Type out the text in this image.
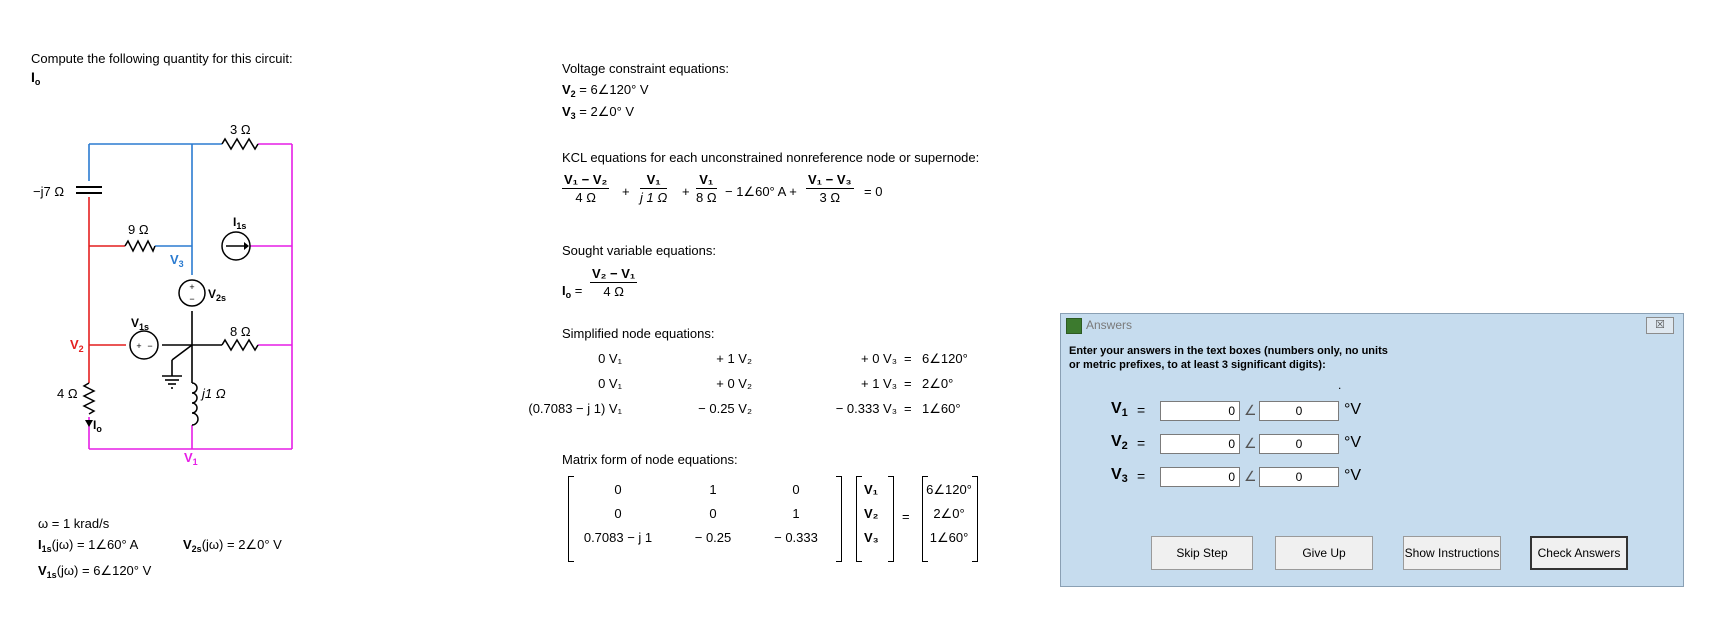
Compute the following quantity for this circuit:
$I_o$
+
−
+ −
3 Ω
−j7 Ω
9 Ω	$I_{1s}$
$V_3$
$V_{2s}$
$V_{1s}$	8 Ω
$V_2$
4 Ω	j1 Ω
$I_o$
$V_1$
ω = 1 krad/s
$I_{1s}(j\omega)$ = 1∠60° A	$V_{2s}(j\omega)$ = 2∠0° V
$V_{1s}(j\omega)$ = 6∠120° V
Voltage constraint equations:
$V_2$ = 6∠120° V
$V_3$ = 2∠0° V
KCL equations for each unconstrained nonreference node or supernode:
$\frac{\text{V₁ − V₂}}{4 \Omega} + \frac{\text{V₁}}{j 1 \Omega} + \frac{\text{V₁}}{8 \Omega}$ − 1∠60° $A + \frac{\text{V₁ − V₃}}{3 \Omega} = 0$
Sought variable equations:
$I_o = \frac{\text{V₂ − V₁}}{4 \Omega}$
Simplified node equations:
0 V₁	+ 1 V₂	+ 0 V₃ = 6∠120°
0 V₁	+ 0 V₂	+ 1 V₃ = 2∠0°
(0.7083 − j 1) V₁	− 0.25 V₂	− 0.333 V₃ = 1∠60°
Matrix form of node equations:
=
0	1	0	V₁	6∠120°
0	0	1	V₂	2∠0°
0.7083 − j 1	− 0.25	− 0.333	V₃	1∠60°
Answers	☒
Enter your answers in the text boxes (numbers only, no units or metric prefixes, to at least 3 significant digits):
.
$V_1$ =	0 ∠	0	°V
$V_2$ =	0 ∠	0	°V
$V_3$ =	0 ∠	0	°V
Skip Step	Give Up	Show Instructions	Check Answers
